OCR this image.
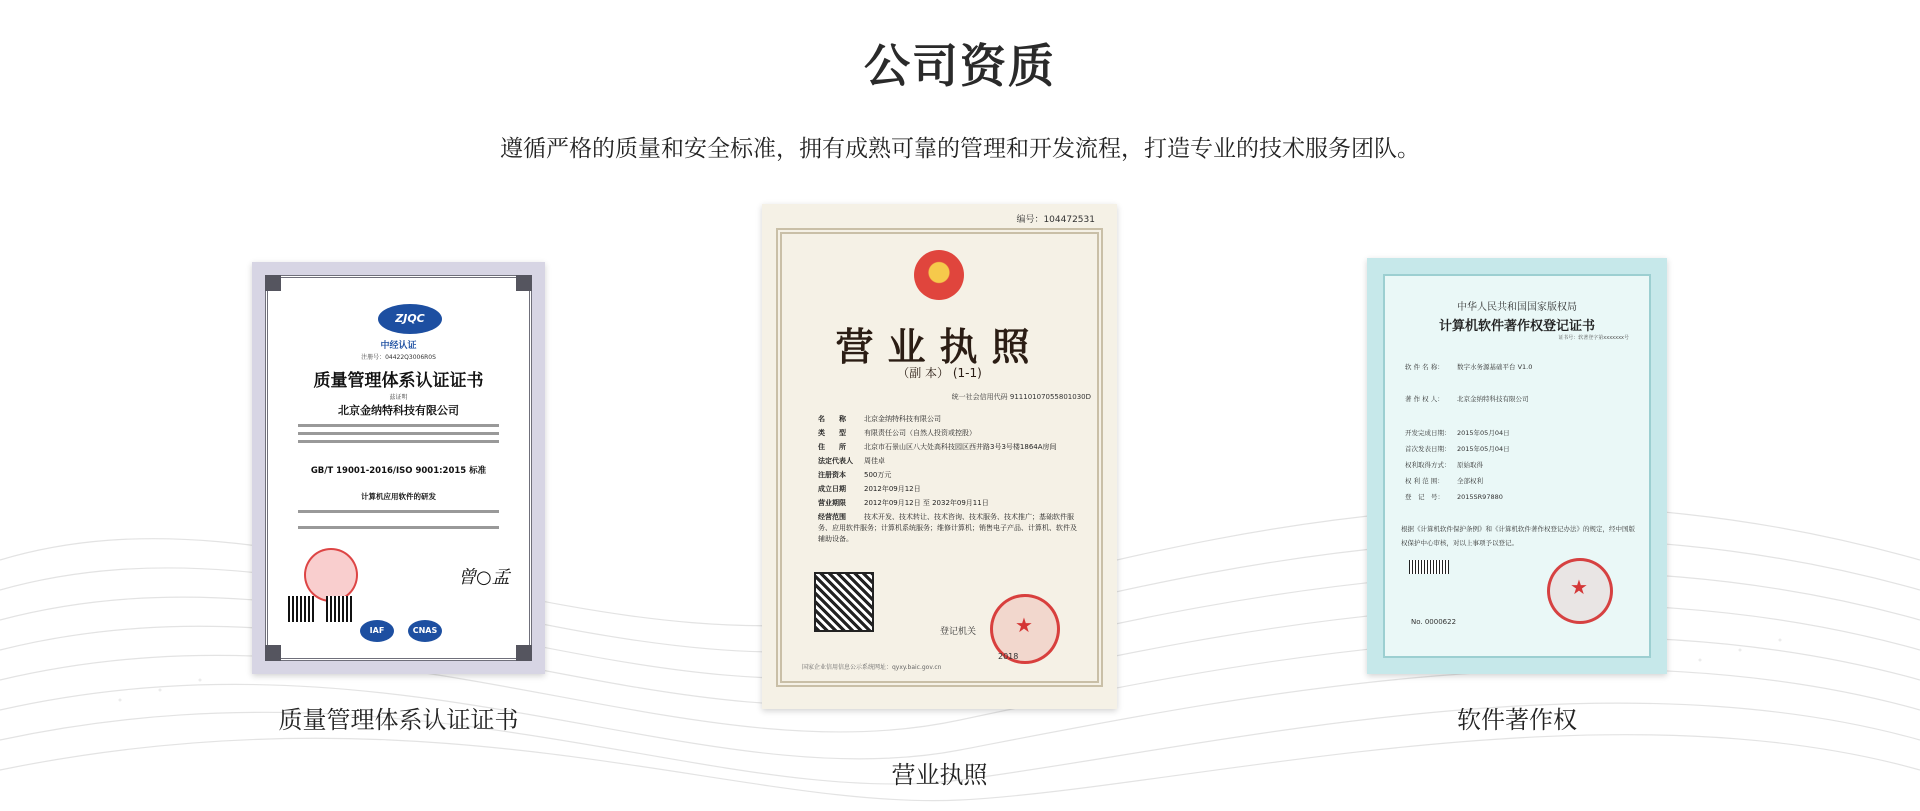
公司资质
遵循严格的质量和安全标准，拥有成熟可靠的管理和开发流程，打造专业的技术服务团队。
ZJQC
中经认证
注册号：04422Q3006R0S
质量管理体系认证证书
兹证明
北京金纳特科技有限公司
GB/T 19001-2016/ISO 9001:2015 标准
计算机应用软件的研发
曾○孟
IAF	CNAS
质量管理体系认证证书
编号：104472531
营业执照
（副 本） (1-1)
统一社会信用代码 91110107055801030D
名　　称	北京金纳特科技有限公司
类　　型	有限责任公司（自然人投资或控股）
住　　所	北京市石景山区八大处高科技园区西井路3号3号楼1864A房间
法定代表人 周佳卓
注册资本	500万元
成立日期	2012年09月12日
营业期限	2012年09月12日 至 2032年09月11日
经营范围	技术开发、技术转让、技术咨询、技术服务、技术推广；基础软件服务、应用软件服务；计算机系统服务；维修计算机；销售电子产品、计算机、软件及辅助设备。
登记机关
★
2018
国家企业信用信息公示系统网址：qyxy.baic.gov.cn
营业执照
中华人民共和国国家版权局
计算机软件著作权登记证书
证书号：软著登字第xxxxxxx号
软 件 名 称： 数字水务源基础平台 V1.0
著 作 权 人： 北京金纳特科技有限公司
开发完成日期： 2015年05月04日
首次发表日期： 2015年05月04日
权利取得方式： 原始取得
权 利 范 围： 全部权利
登　记　号： 2015SR97880
根据《计算机软件保护条例》和《计算机软件著作权登记办法》的规定，经中国版权保护中心审核，对以上事项予以登记。
★
No. 0000622
软件著作权
